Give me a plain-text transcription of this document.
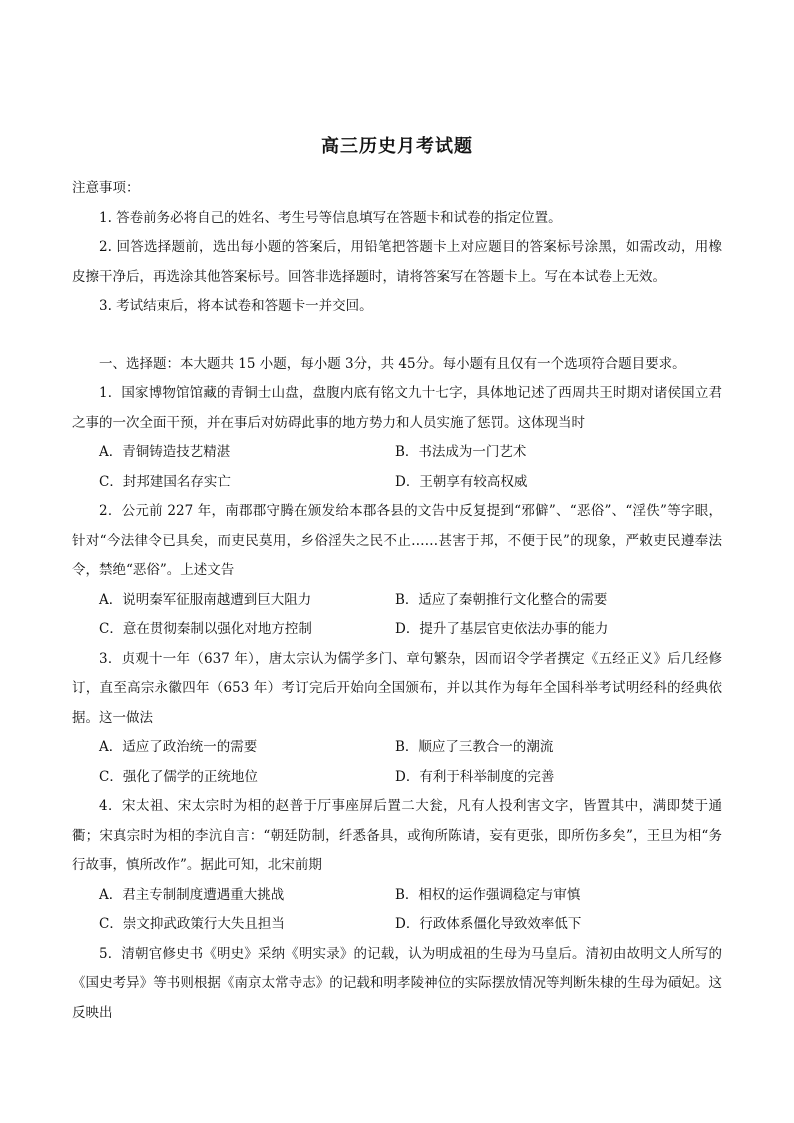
高三历史月考试题
注意事项：
1. 答卷前务必将自己的姓名、考生号等信息填写在答题卡和试卷的指定位置。
2. 回答选择题前，选出每小题的答案后，用铅笔把答题卡上对应题目的答案标号涂黑，如需改动，用橡皮擦干净后，再选涂其他答案标号。回答非选择题时，请将答案写在答题卡上。写在本试卷上无效。
3. 考试结束后，将本试卷和答题卡一并交回。
一、选择题：本大题共 15 小题，每小题 3分，共 45分。每小题有且仅有一个选项符合题目要求。
1．国家博物馆馆藏的青铜士山盘，盘腹内底有铭文九十七字，具体地记述了西周共王时期对诸侯国立君之事的一次全面干预，并在事后对妨碍此事的地方势力和人员实施了惩罚。这体现当时
A．青铜铸造技艺精湛	B．书法成为一门艺术
C．封邦建国名存实亡	D．王朝享有较高权威
2．公元前 227 年，南郡郡守腾在颁发给本郡各县的文告中反复提到“邪僻”、“恶俗”、“淫佚”等字眼，针对“今法律令已具矣，而吏民莫用，乡俗淫失之民不止……甚害于邦，不便于民”的现象，严敕吏民遵奉法令，禁绝“恶俗”。上述文告
A．说明秦军征服南越遭到巨大阻力	B．适应了秦朝推行文化整合的需要
C．意在贯彻秦制以强化对地方控制	D．提升了基层官吏依法办事的能力
3．贞观十一年（637 年），唐太宗认为儒学多门、章句繁杂，因而诏令学者撰定《五经正义》后几经修订，直至高宗永徽四年（653 年）考订完后开始向全国颁布，并以其作为每年全国科举考试明经科的经典依据。这一做法
A．适应了政治统一的需要	B．顺应了三教合一的潮流
C．强化了儒学的正统地位	D．有利于科举制度的完善
4．宋太祖、宋太宗时为相的赵普于厅事座屏后置二大瓮，凡有人投利害文字，皆置其中，满即焚于通衢；宋真宗时为相的李沆自言：“朝廷防制，纤悉备具，或徇所陈请，妄有更张，即所伤多矣”，王旦为相“务行故事，慎所改作”。据此可知，北宋前期
A．君主专制制度遭遇重大挑战	B．相权的运作强调稳定与审慎
C．崇文抑武政策行大失且担当	D．行政体系僵化导致效率低下
5．清朝官修史书《明史》采纳《明实录》的记载，认为明成祖的生母为马皇后。清初由故明文人所写的《国史考异》等书则根据《南京太常寺志》的记载和明孝陵神位的实际摆放情况等判断朱棣的生母为碽妃。这反映出
